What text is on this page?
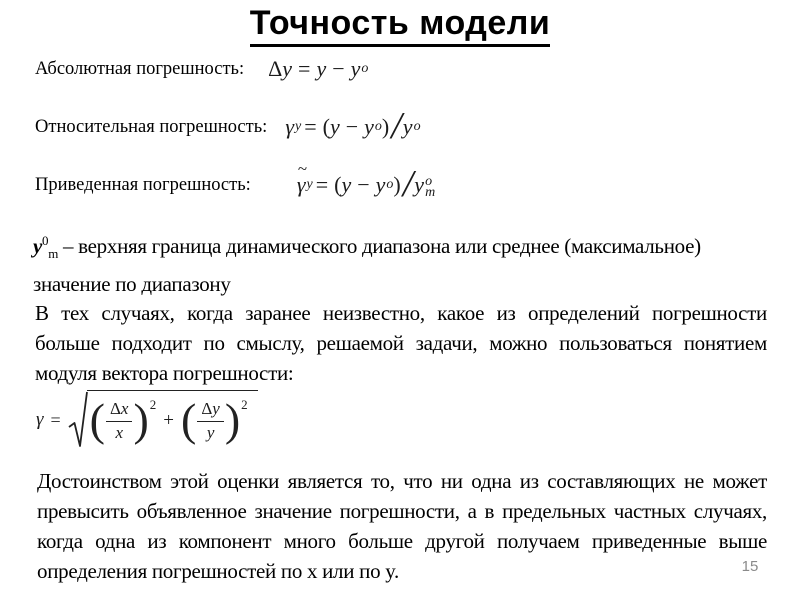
Точность модели
Абсолютная погрешность: Δ y = y − y o
Относительная погрешность: γ y = ( y − y o ) / y o
Приведенная погрешность:
~
γ y = ( y − y o ) / y o
m
$y^0_m$ – верхняя граница динамического диапазона или среднее (максимальное) значение по диапазону
В тех случаях, когда заранее неизвестно, какое из определений погрешности больше подходит по смыслу, решаемой задачи, можно пользоваться понятием модуля вектора погрешности:
γ = ( $\frac{\Delta x}{x}$ ) 2
+ ( $\frac{\Delta y}{y}$ ) 2
Достоинством этой оценки является то, что ни одна из составляющих не может превысить объявленное значение погрешности, а в предельных частных случаях, когда одна из компонент много больше другой получаем приведенные выше определения погрешностей по x или по y.	15
